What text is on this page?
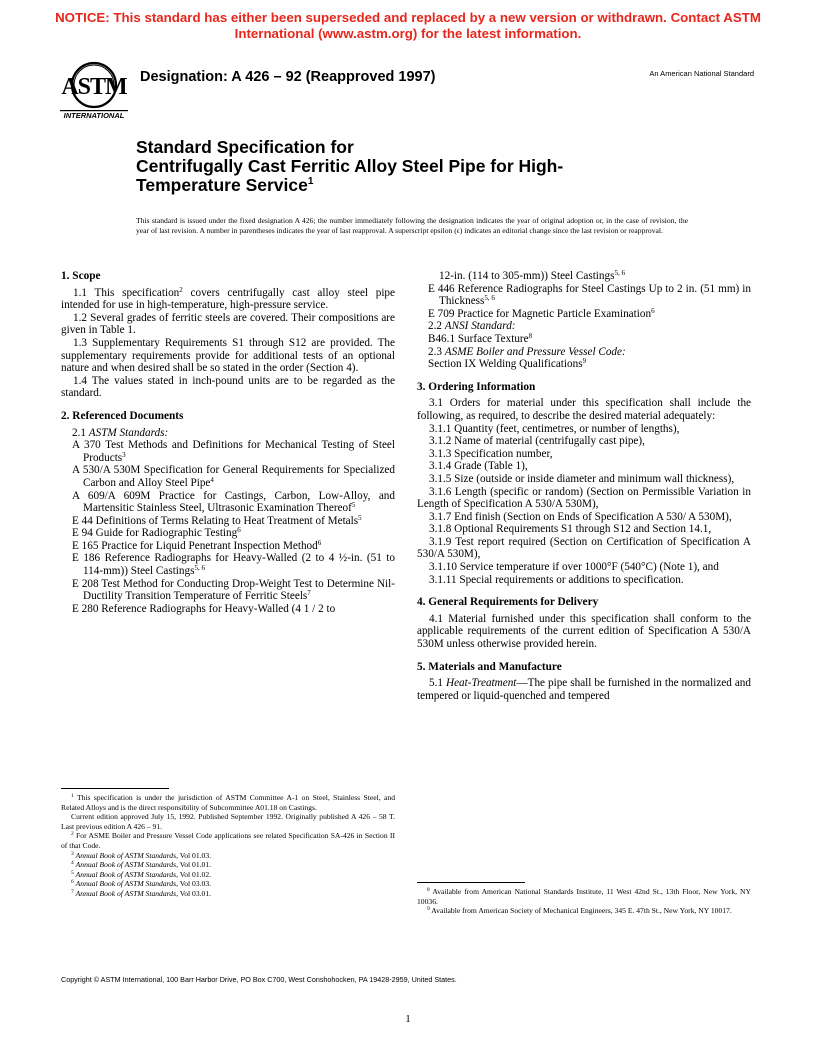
NOTICE: This standard has either been superseded and replaced by a new version or withdrawn. Contact ASTM International (www.astm.org) for the latest information.
ASTM
INTERNATIONAL
Designation: A 426 – 92 (Reapproved 1997)	An American National Standard
Standard Specification for
Centrifugally Cast Ferritic Alloy Steel Pipe for High-
Temperature Service$^1$
This standard is issued under the fixed designation A 426; the number immediately following the designation indicates the year of original adoption or, in the case of revision, the year of last revision. A number in parentheses indicates the year of last reapproval. A superscript epsilon (ϵ) indicates an editorial change since the last revision or reapproval.
1. Scope

1.1 This specification$^2$ covers centrifugally cast alloy steel pipe intended for use in high-temperature, high-pressure service.

1.2 Several grades of ferritic steels are covered. Their compositions are given in Table 1.

1.3 Supplementary Requirements S1 through S12 are provided. The supplementary requirements provide for additional tests of an optional nature and when desired shall be so stated in the order (Section 4).

1.4 The values stated in inch-pound units are to be regarded as the standard.

2. Referenced Documents

2.1 ASTM Standards:

A 370 Test Methods and Definitions for Mechanical Testing of Steel Products$^3$

A 530/A 530M Specification for General Requirements for Specialized Carbon and Alloy Steel Pipe$^4$

A 609/A 609M Practice for Castings, Carbon, Low-Alloy, and Martensitic Stainless Steel, Ultrasonic Examination Thereof$^5$

E 44 Definitions of Terms Relating to Heat Treatment of Metals$^5$

E 94 Guide for Radiographic Testing$^6$

E 165 Practice for Liquid Penetrant Inspection Method$^6$

E 186 Reference Radiographs for Heavy-Walled (2 to 4 ½-in. (51 to 114-mm)) Steel Castings$^{5, 6}$

E 208 Test Method for Conducting Drop-Weight Test to Determine Nil-Ductility Transition Temperature of Ferritic Steels$^7$

E 280 Reference Radiographs for Heavy-Walled (4 1 / 2 to

$^1$ This specification is under the jurisdiction of ASTM Committee A-1 on Steel, Stainless Steel, and Related Alloys and is the direct responsibility of Subcommittee A01.18 on Castings.

Current edition approved July 15, 1992. Published September 1992. Originally published A 426 – 58 T. Last previous edition A 426 – 91.

$^2$ For ASME Boiler and Pressure Vessel Code applications see related Specification SA-426 in Section II of that Code.

$^3$ Annual Book of ASTM Standards, Vol 01.03.

$^4$ Annual Book of ASTM Standards, Vol 01.01.

$^5$ Annual Book of ASTM Standards, Vol 01.02.

$^6$ Annual Book of ASTM Standards, Vol 03.03.

$^7$ Annual Book of ASTM Standards, Vol 03.01.

12-in. (114 to 305-mm)) Steel Castings$^{5, 6}$

E 446 Reference Radiographs for Steel Castings Up to 2 in. (51 mm) in Thickness$^{5, 6}$

E 709 Practice for Magnetic Particle Examination$^6$

2.2 ANSI Standard:

B46.1 Surface Texture$^8$

2.3 ASME Boiler and Pressure Vessel Code:

Section IX Welding Qualifications$^9$

3. Ordering Information

3.1 Orders for material under this specification shall include the following, as required, to describe the desired material adequately:

3.1.1 Quantity (feet, centimetres, or number of lengths),

3.1.2 Name of material (centrifugally cast pipe),

3.1.3 Specification number,

3.1.4 Grade (Table 1),

3.1.5 Size (outside or inside diameter and minimum wall thickness),

3.1.6 Length (specific or random) (Section on Permissible Variation in Length of Specification A 530/A 530M),

3.1.7 End finish (Section on Ends of Specification A 530/ A 530M),

3.1.8 Optional Requirements S1 through S12 and Section 14.1,

3.1.9 Test report required (Section on Certification of Specification A 530/A 530M),

3.1.10 Service temperature if over 1000°F (540°C) (Note 1), and

3.1.11 Special requirements or additions to specification.

4. General Requirements for Delivery

4.1 Material furnished under this specification shall conform to the applicable requirements of the current edition of Specification A 530/A 530M unless otherwise provided herein.

5. Materials and Manufacture

5.1 Heat-Treatment—The pipe shall be furnished in the normalized and tempered or liquid-quenched and tempered

$^8$ Available from American National Standards Institute, 11 West 42nd St., 13th Floor, New York, NY 10036.

$^9$ Available from American Society of Mechanical Engineers, 345 E. 47th St., New York, NY 10017.

Copyright © ASTM International, 100 Barr Harbor Drive, PO Box C700, West Conshohocken, PA 19428-2959, United States.
1
